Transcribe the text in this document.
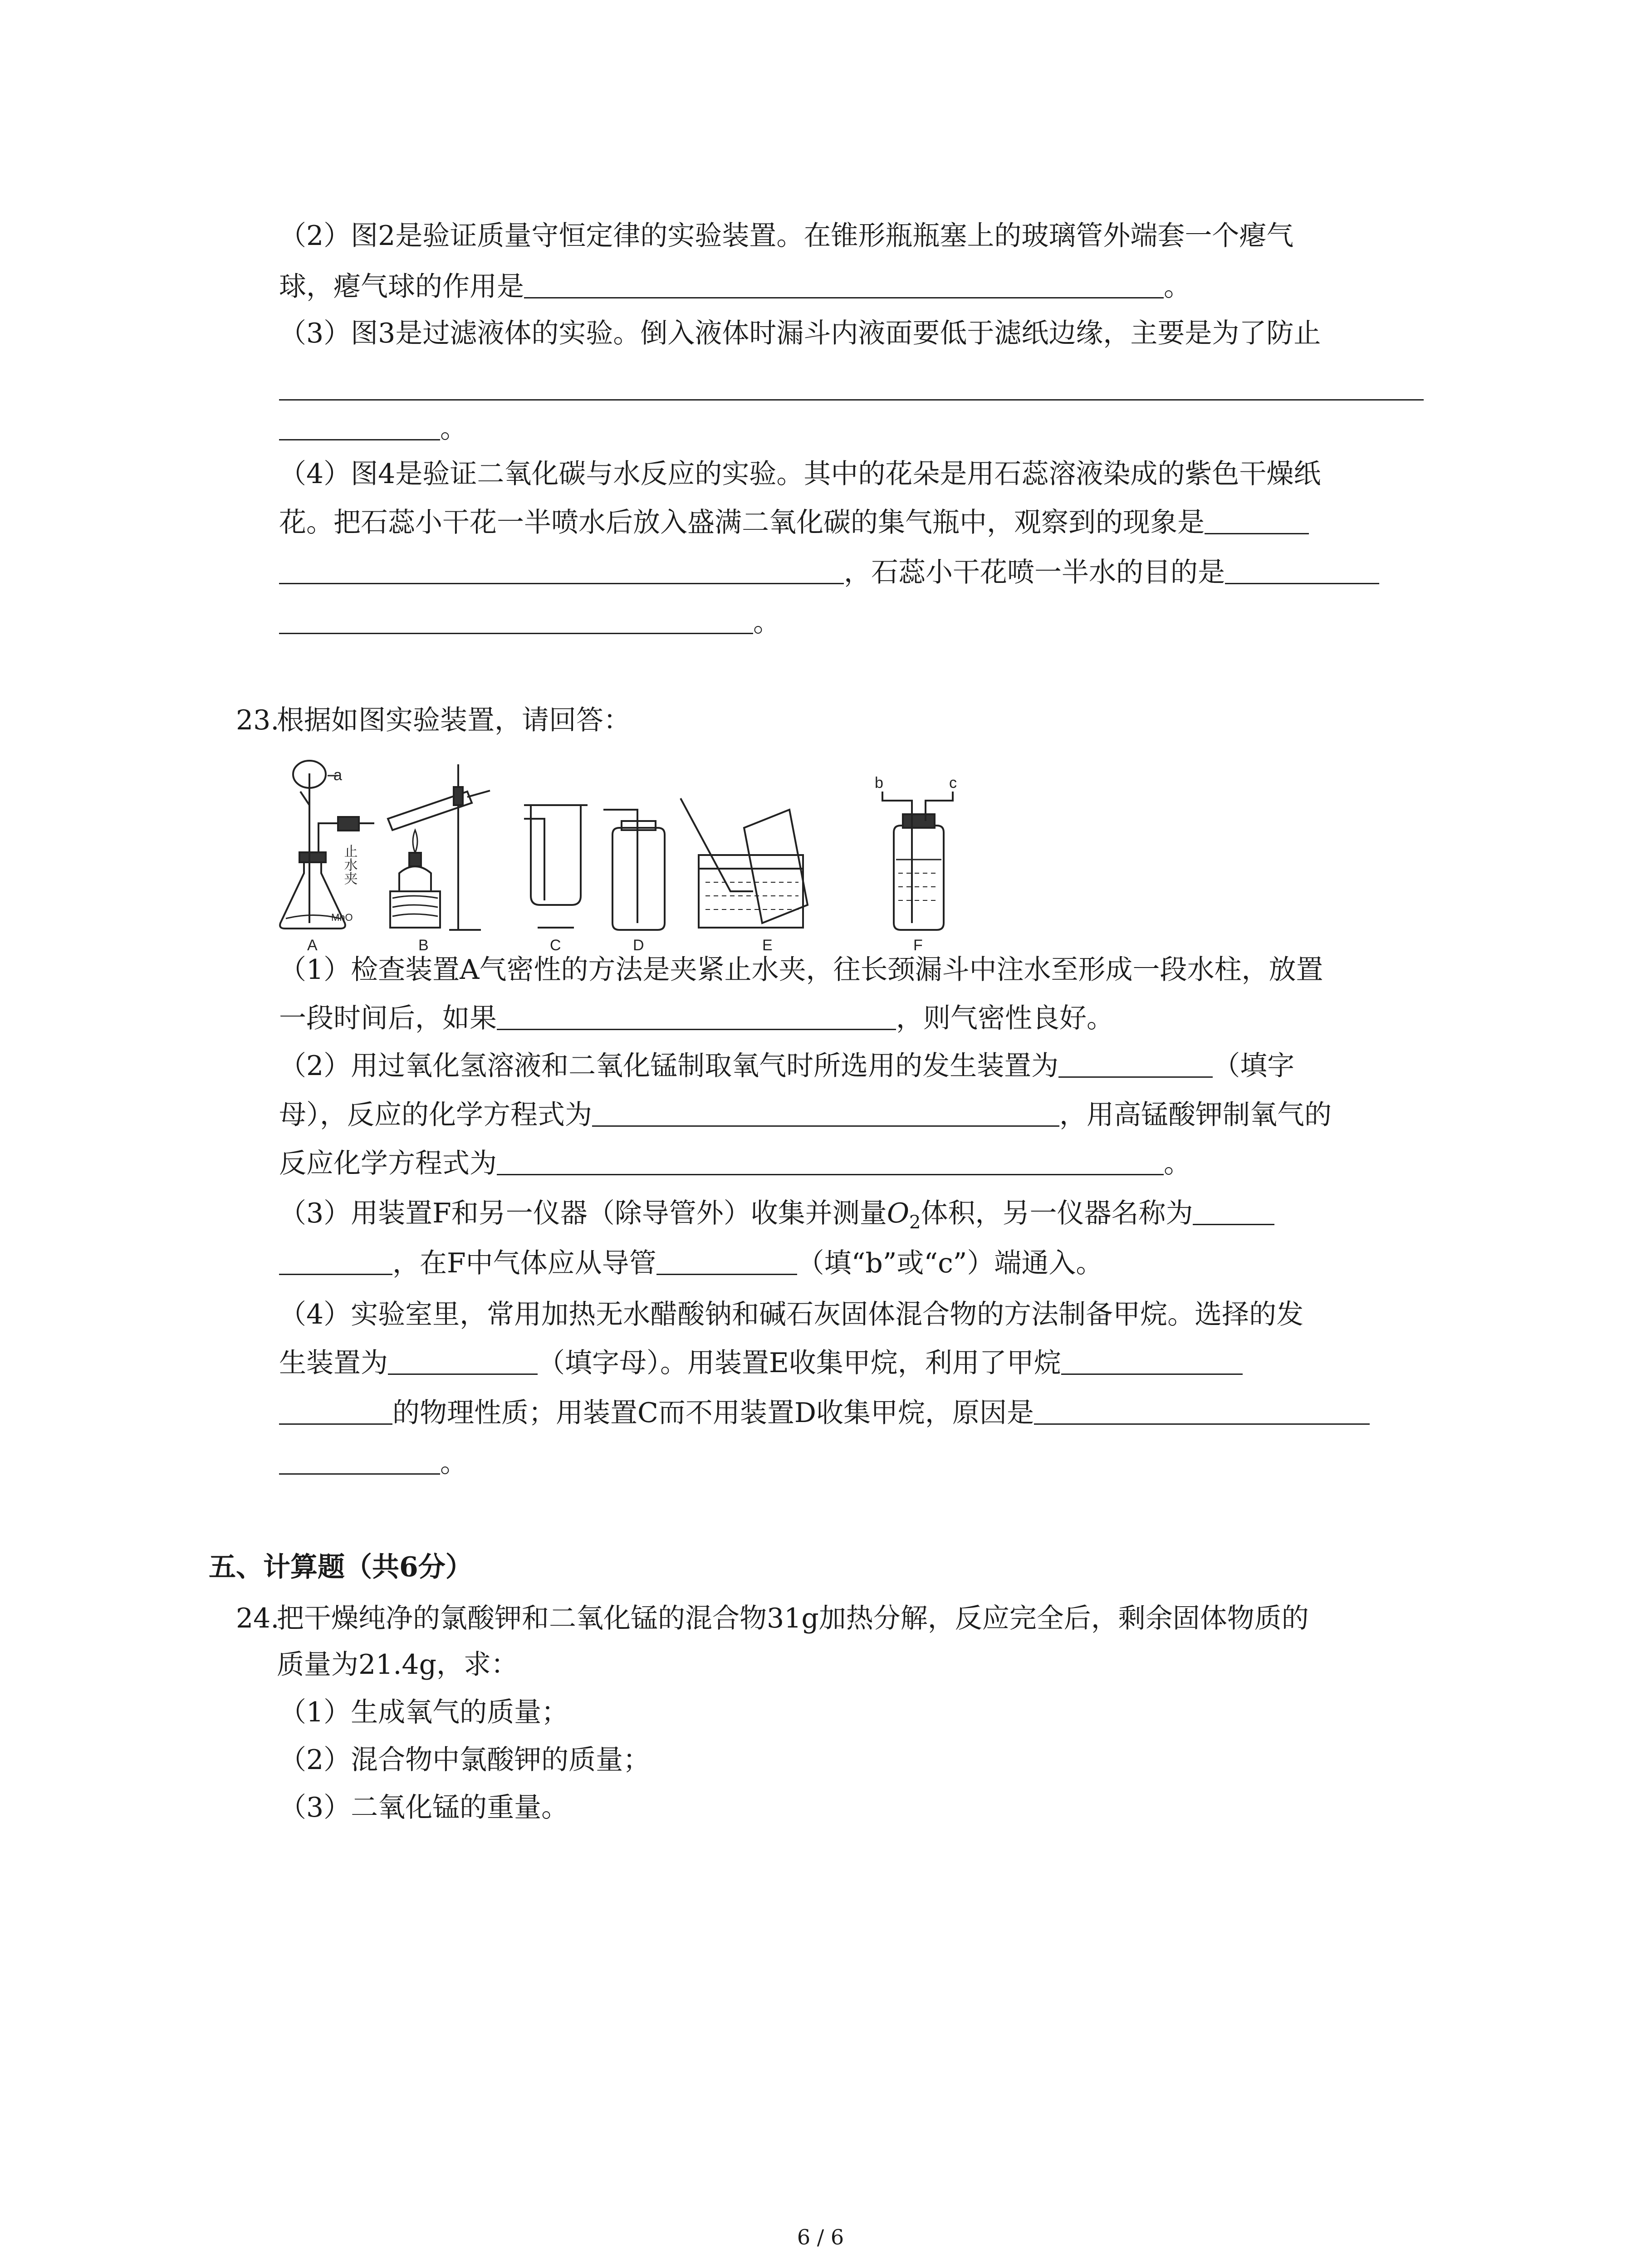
（2）图2是验证质量守恒定律的实验装置。在锥形瓶瓶塞上的玻璃管外端套一个瘪气
球，瘪气球的作用是	。
（3）图3是过滤液体的实验。倒入液体时漏斗内液面要低于滤纸边缘，主要是为了防止
。
（4）图4是验证二氧化碳与水反应的实验。其中的花朵是用石蕊溶液染成的紫色干燥纸
花。把石蕊小干花一半喷水后放入盛满二氧化碳的集气瓶中，观察到的现象是
，石蕊小干花喷一半水的目的是
。
23.根据如图实验装置，请回答：
MnO
a
止水夹
b	c
A	B	C	D	E	F
（1）检查装置A气密性的方法是夹紧止水夹，往长颈漏斗中注水至形成一段水柱，放置
一段时间后，如果	，则气密性良好。
（2）用过氧化氢溶液和二氧化锰制取氧气时所选用的发生装置为	（填字
母），反应的化学方程式为	，用高锰酸钾制氧气的
反应化学方程式为	。
（3）用装置F和另一仪器（除导管外）收集并测量$O_2$体积，另一仪器名称为
，在F中气体应从导管	（填“b”或“c”）端通入。
（4）实验室里，常用加热无水醋酸钠和碱石灰固体混合物的方法制备甲烷。选择的发
生装置为	（填字母）。用装置E收集甲烷，利用了甲烷
的物理性质；用装置C而不用装置D收集甲烷，原因是
。
五、计算题（共6分）
24.把干燥纯净的氯酸钾和二氧化锰的混合物31g加热分解，反应完全后，剩余固体物质的
质量为21.4g，求：
（1）生成氧气的质量；
（2）混合物中氯酸钾的质量；
（3）二氧化锰的重量。
6 / 6
